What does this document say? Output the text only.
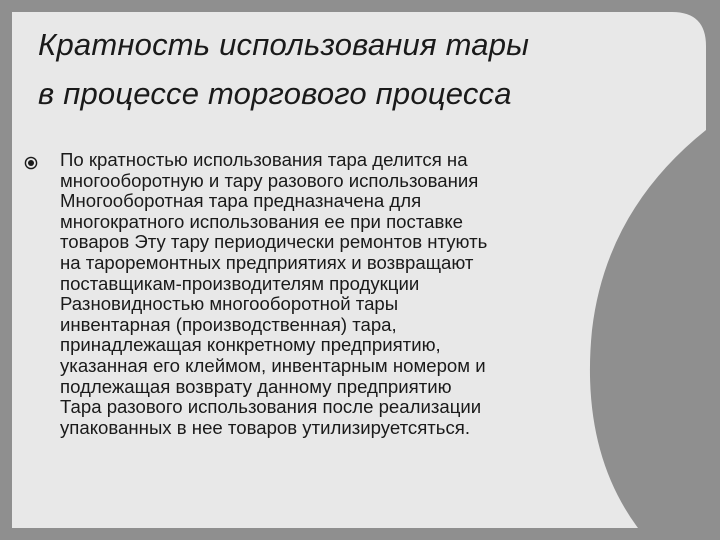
Кратность использования тары
в процессе торгового процесса

По кратностью использования тара делится на
многооборотную и тару разового использования
Многооборотная тара предназначена для
многократного использования ее при поставке
товаров Эту тару периодически ремонтов нтують
на тароремонтных предприятиях и возвращают
поставщикам-производителям продукции
Разновидностью многооборотной тары
инвентарная (производственная) тара,
принадлежащая конкретному предприятию,
указанная его клеймом, инвентарным номером и
подлежащая возврату данному предприятию
Тара разового использования после реализации
упакованных в нее товаров утилизируетсяться.
